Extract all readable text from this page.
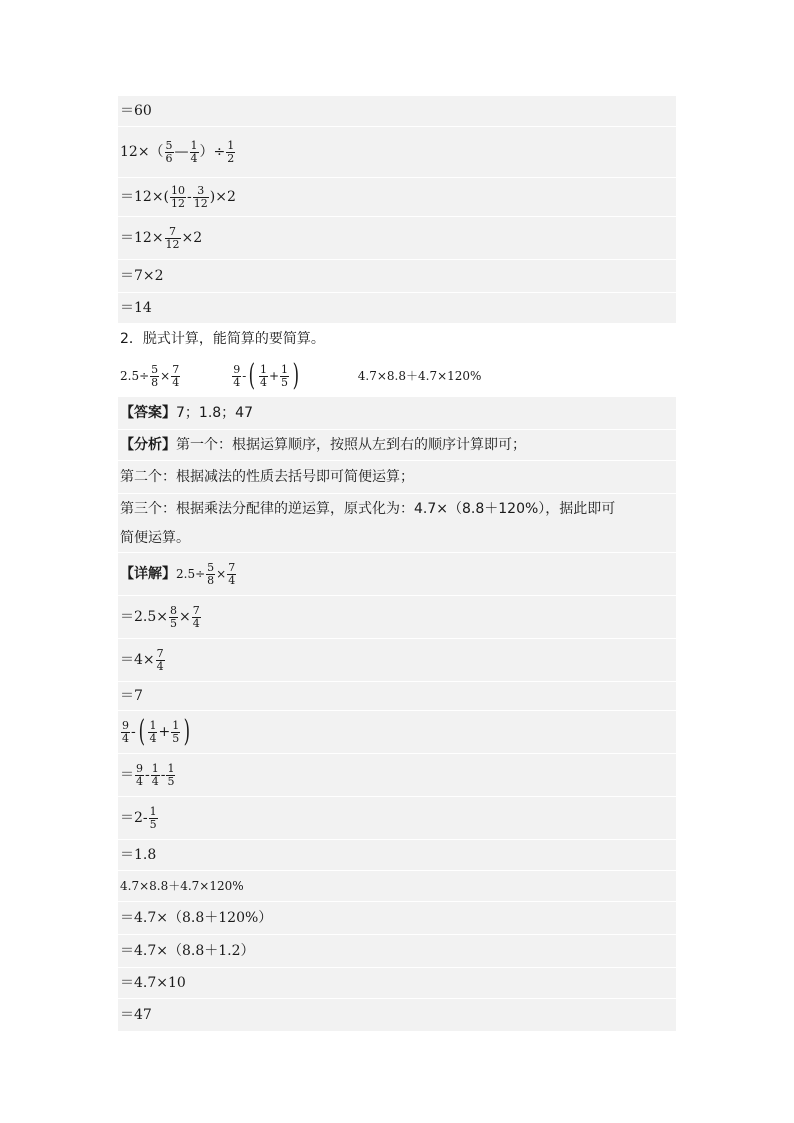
＝60
$12\times( \frac{5}{6}$ — $\frac{1}{4}$ ）÷ $\frac{1}{2}$
$=12\times( \frac{10}{12} - \frac{3}{12} )\times 2$
$=12\times \frac{7}{12} \times 2$
＝7×2
＝14
2．脱式计算，能简算的要简算。
$2.5\div \frac{5}{8} \times \frac{7}{4}$	$\frac{9}{4}$ - ( $\frac{1}{4} + \frac{1}{5}$ )	4.7×8.8＋4.7×120%
【答案】 7；1.8；47
【分析】 第一个：根据运算顺序，按照从左到右的顺序计算即可；
第二个：根据减法的性质去括号即可简便运算；
第三个：根据乘法分配律的逆运算，原式化为：4.7×（8.8＋120%），据此即可
简便运算。
【详解】 $2.5\div \frac{5}{8} \times \frac{7}{4}$
$=2.5\times \frac{8}{5} \times \frac{7}{4}$
$=4\times \frac{7}{4}$
＝7
$\frac{9}{4}$ - ( $\frac{1}{4} + \frac{1}{5}$ )
＝ $\frac{9}{4} - \frac{1}{4} - \frac{1}{5}$
$=2- \frac{1}{5}$
＝1.8
4.7×8.8＋4.7×120%
＝4.7×（8.8＋120%）
＝4.7×（8.8＋1.2）
＝4.7×10
＝47
